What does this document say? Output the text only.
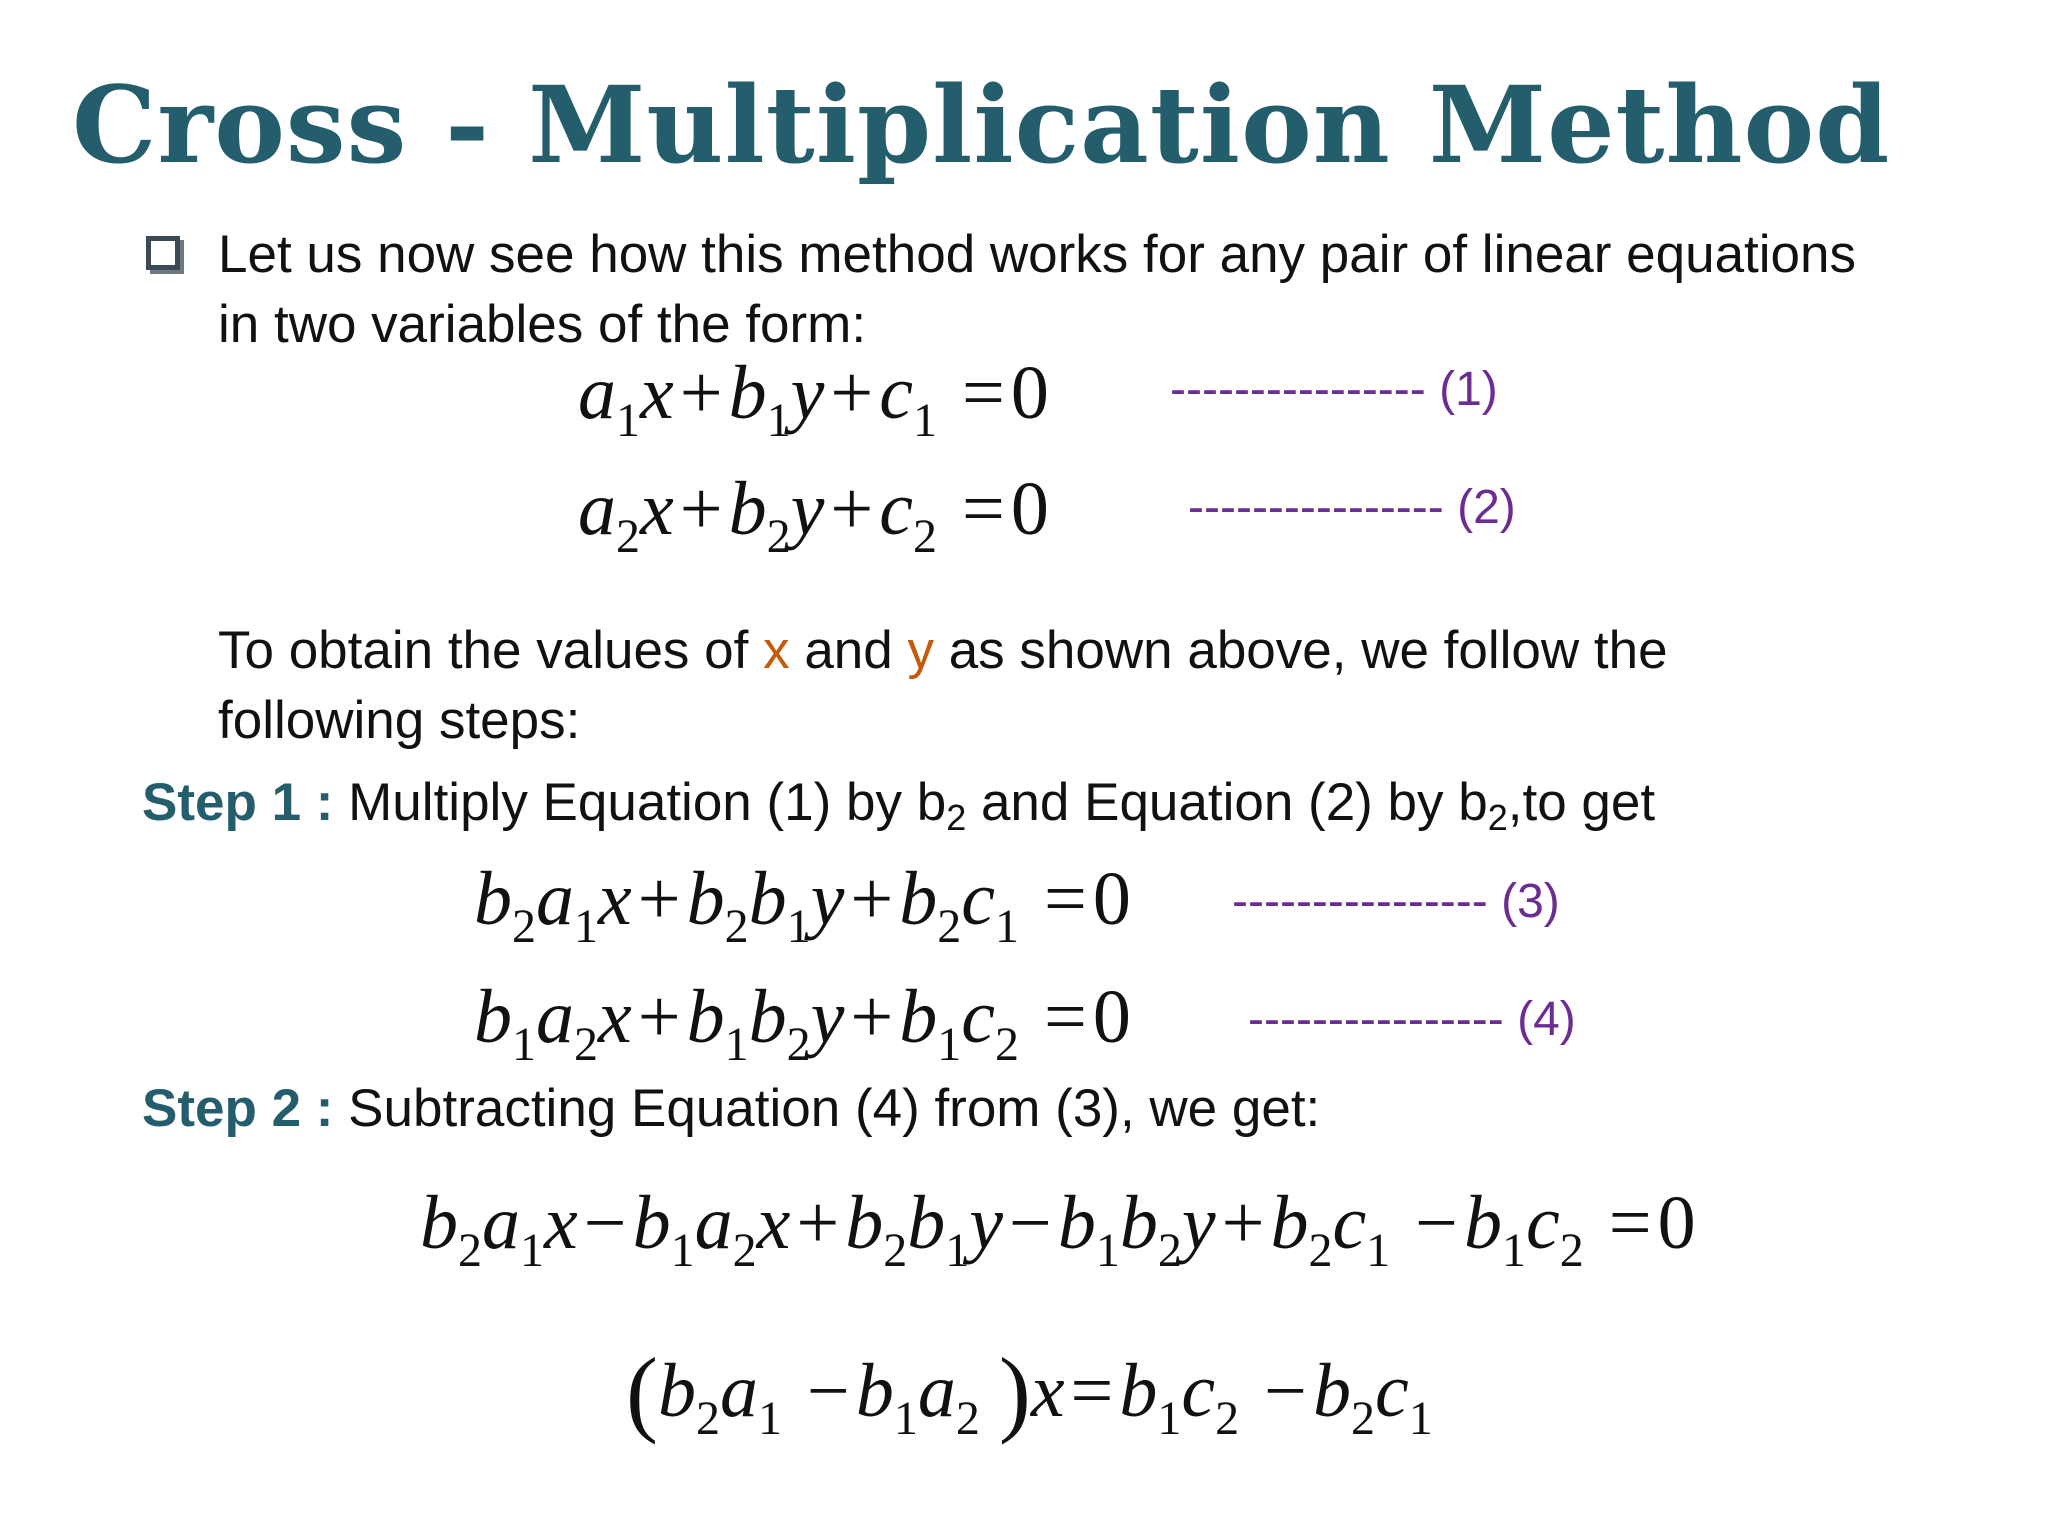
Cross - Multiplication Method
Let us now see how this method works for any pair of linear equations
in two variables of the form:
$a_1x+b_1y+c_1 =0$	---------------- (1)
$a_2x+b_2y+c_2 =0$	---------------- (2)
To obtain the values of x and y as shown above, we follow the
following steps:
Step 1 : Multiply Equation (1) by $b_2$ and Equation (2) by $b_2,to$ get
$b_2a_1x+b_2b_1y+b_2c_1 =0$ ---------------- (3)
$b_1a_2x+b_1b_2y+b_1c_2 =0$ ---------------- (4)
Step 2 : Subtracting Equation (4) from (3), we get:
$b_2a_1x-b_1a_2x+b_2b_1y-b_1b_2y+b_2c_1 -b_1c_2 =0$
($b_2a_1 -b_1a_2$ )$x=b_1c_2 -b_2c_1$
